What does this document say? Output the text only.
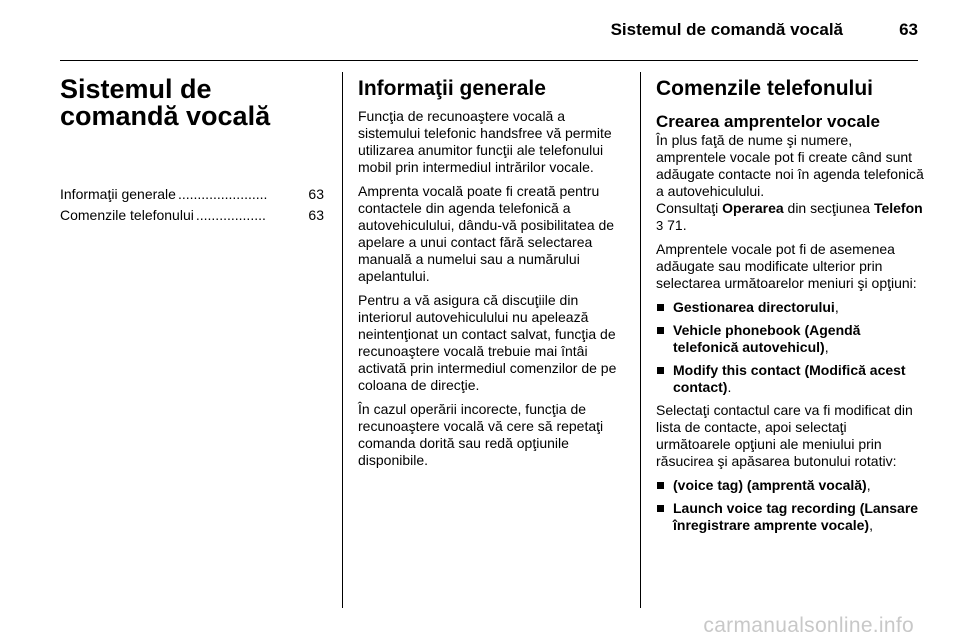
Sistemul de comandă vocală	63
Sistemul de comandă vocală
Informaţii generale .......................	63
Comenzile telefonului ..................	63
Informaţii generale

Funcţia de recunoaştere vocală a sistemului telefonic handsfree vă permite utilizarea anumitor funcţii ale telefonului mobil prin intermediul intrărilor vocale.

Amprenta vocală poate fi creată pentru contactele din agenda telefonică a autovehiculului, dându-vă posibilitatea de apelare a unui contact fără selectarea manuală a numelui sau a numărului apelantului.

Pentru a vă asigura că discuţiile din interiorul autovehiculului nu apelează neintenţionat un contact salvat, funcţia de recunoaştere vocală trebuie mai întâi activată prin intermediul comenzilor de pe coloana de direcţie.

În cazul operării incorecte, funcţia de recunoaştere vocală vă cere să repetaţi comanda dorită sau redă opţiunile disponibile.

Comenzile telefonului
Crearea amprentelor vocale

În plus faţă de nume şi numere, amprentele vocale pot fi create când sunt adăugate contacte noi în agenda telefonică a autovehiculului.

Consultaţi Operarea din secţiunea Telefon 3 71.

Amprentele vocale pot fi de asemenea adăugate sau modificate ulterior prin selectarea următoarelor meniuri şi opţiuni:

Gestionarea directorului,
Vehicle phonebook (Agendă telefonică autovehicul),
Modify this contact (Modifică acest contact).

Selectaţi contactul care va fi modificat din lista de contacte, apoi selectaţi următoarele opţiuni ale meniului prin răsucirea şi apăsarea butonului rotativ:

(voice tag) (amprentă vocală),
Launch voice tag recording (Lansare înregistrare amprente vocale),
carmanualsonline.info
